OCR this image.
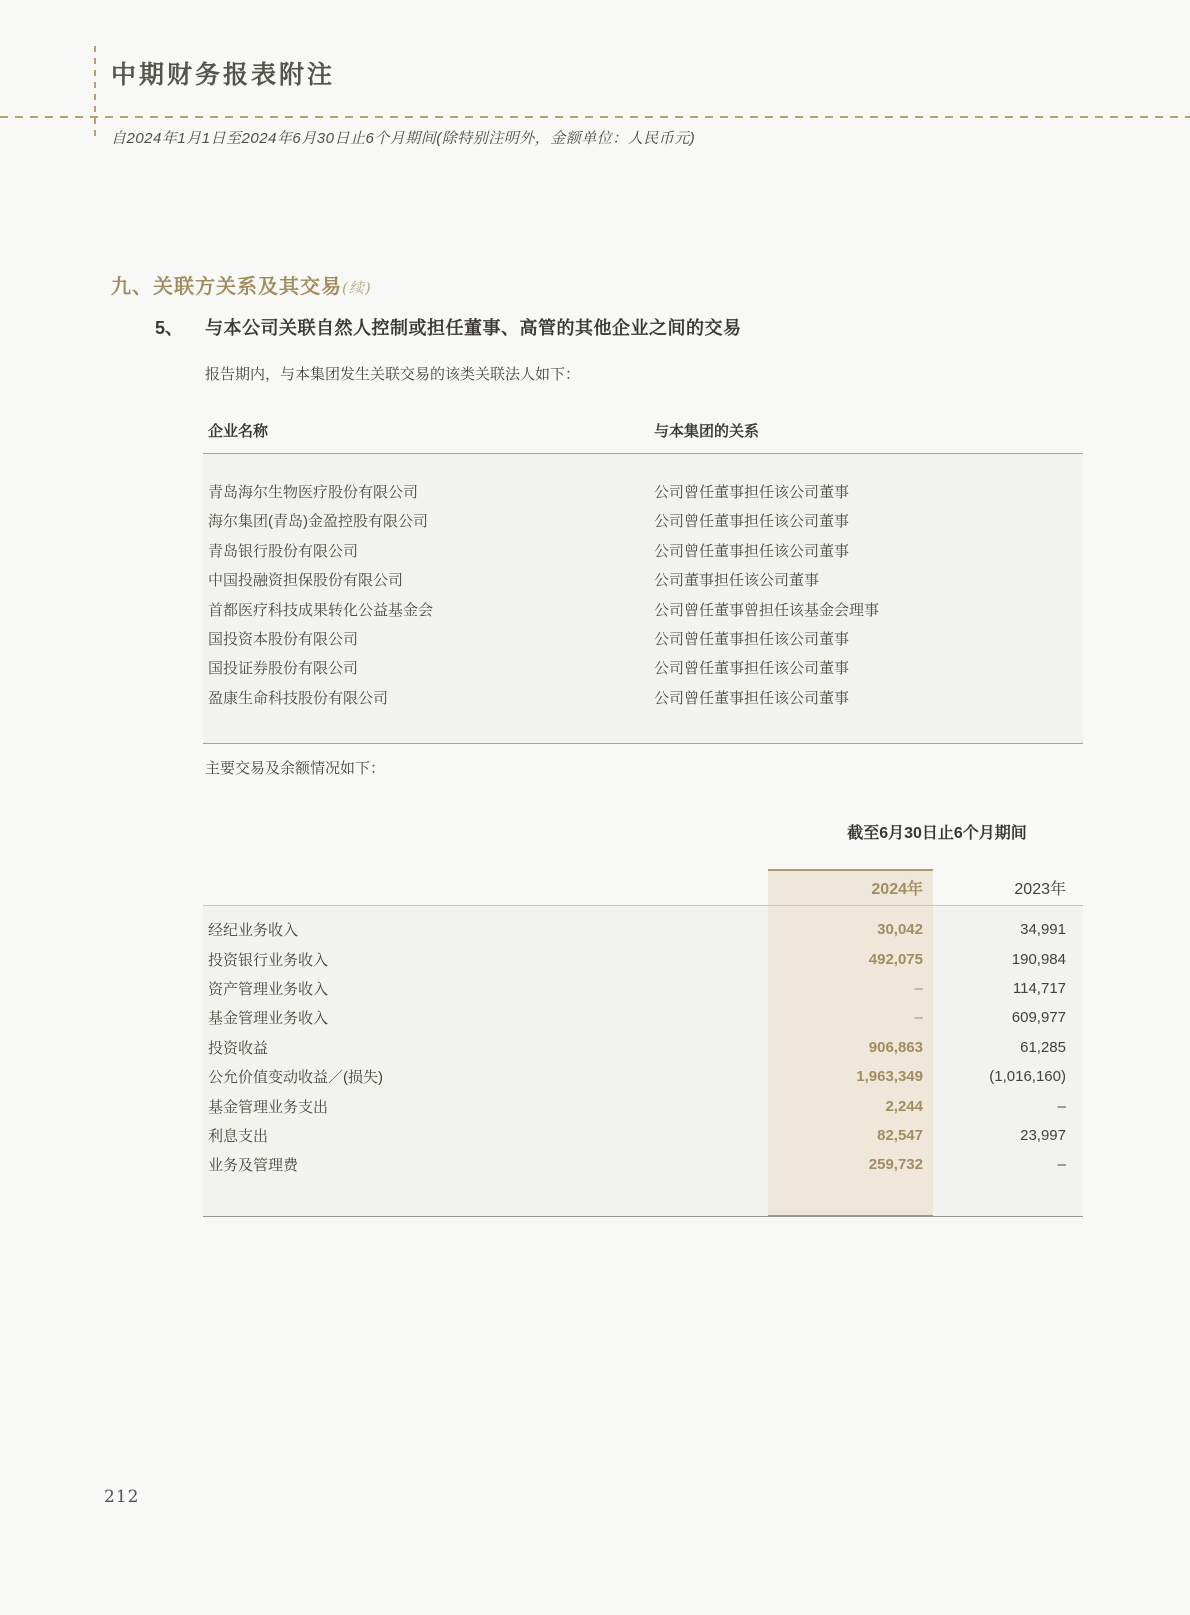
中期财务报表附注
自2024年1月1日至2024年6月30日止6个月期间(除特别注明外，金额单位：人民币元)
九、关联方关系及其交易(续)
5、 与本公司关联自然人控制或担任董事、高管的其他企业之间的交易
报告期内，与本集团发生关联交易的该类关联法人如下：
企业名称	与本集团的关系
青岛海尔生物医疗股份有限公司	公司曾任董事担任该公司董事
海尔集团(青岛)金盈控股有限公司	公司曾任董事担任该公司董事
青岛银行股份有限公司	公司曾任董事担任该公司董事
中国投融资担保股份有限公司	公司董事担任该公司董事
首都医疗科技成果转化公益基金会	公司曾任董事曾担任该基金会理事
国投资本股份有限公司	公司曾任董事担任该公司董事
国投证券股份有限公司	公司曾任董事担任该公司董事
盈康生命科技股份有限公司	公司曾任董事担任该公司董事
主要交易及余额情况如下：
截至6月30日止6个月期间
2024年	2023年
经纪业务收入	30,042	34,991
投资银行业务收入	492,075	190,984
资产管理业务收入	–	114,717
基金管理业务收入	–	609,977
投资收益	906,863	61,285
公允价值变动收益／(损失)	1,963,349	(1,016,160)
基金管理业务支出	2,244	–
利息支出	82,547	23,997
业务及管理费	259,732	–
212
